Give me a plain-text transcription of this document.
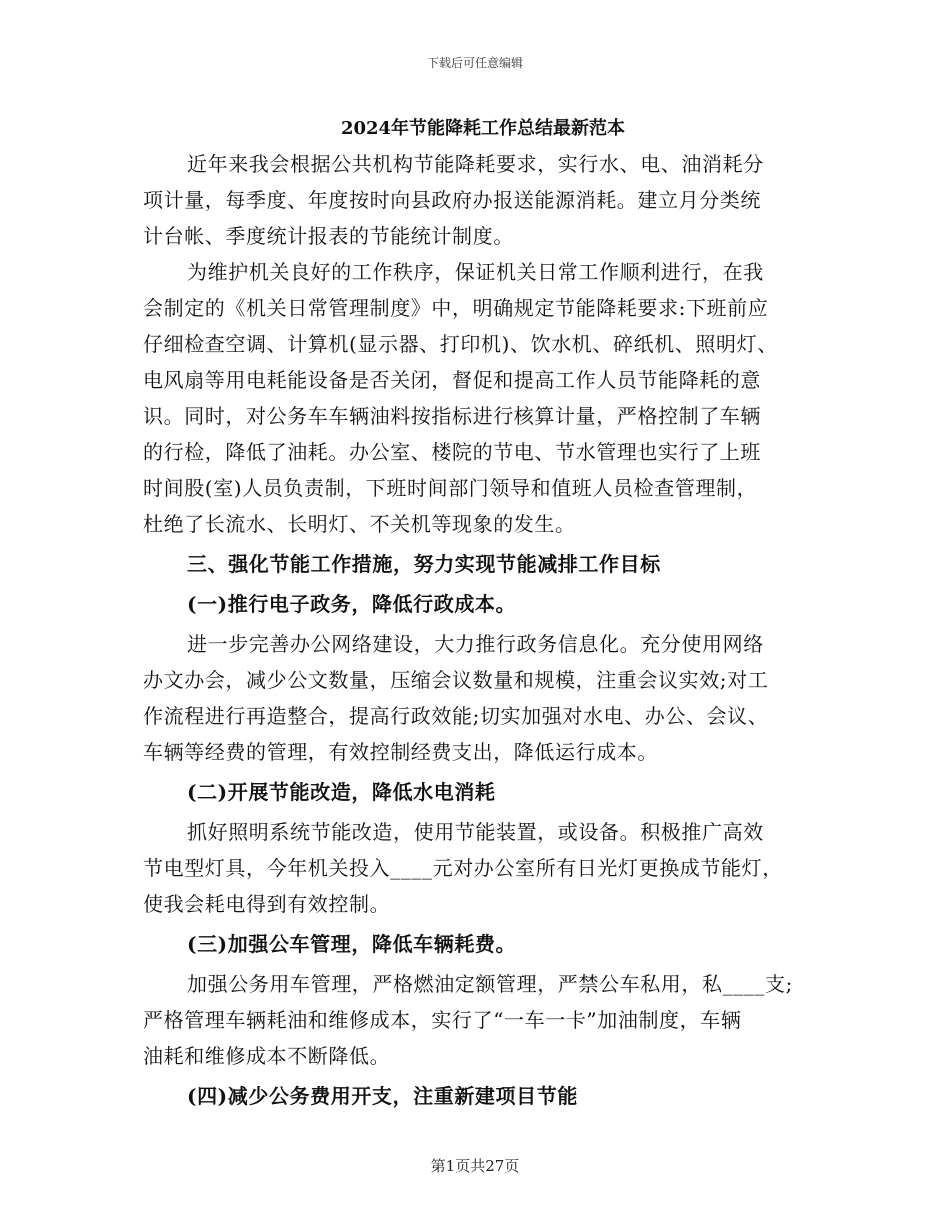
下载后可任意编辑
2024年节能降耗工作总结最新范本

近年来我会根据公共机构节能降耗要求，实行水、电、油消耗分
项计量，每季度、年度按时向县政府办报送能源消耗。建立月分类统
计台帐、季度统计报表的节能统计制度。

为维护机关良好的工作秩序，保证机关日常工作顺利进行，在我
会制定的《机关日常管理制度》中，明确规定节能降耗要求:下班前应
仔细检查空调、计算机(显示器、打印机)、饮水机、碎纸机、照明灯、
电风扇等用电耗能设备是否关闭，督促和提高工作人员节能降耗的意
识。同时，对公务车车辆油料按指标进行核算计量，严格控制了车辆
的行检，降低了油耗。办公室、楼院的节电、节水管理也实行了上班
时间股(室)人员负责制，下班时间部门领导和值班人员检查管理制，
杜绝了长流水、长明灯、不关机等现象的发生。

三、强化节能工作措施，努力实现节能减排工作目标
(一)推行电子政务，降低行政成本。

进一步完善办公网络建设，大力推行政务信息化。充分使用网络
办文办会，减少公文数量，压缩会议数量和规模，注重会议实效;对工
作流程进行再造整合，提高行政效能;切实加强对水电、办公、会议、
车辆等经费的管理，有效控制经费支出，降低运行成本。

(二)开展节能改造，降低水电消耗

抓好照明系统节能改造，使用节能装置，或设备。积极推广高效
节电型灯具，今年机关投入____元对办公室所有日光灯更换成节能灯，
使我会耗电得到有效控制。

(三)加强公车管理，降低车辆耗费。

加强公务用车管理，严格燃油定额管理，严禁公车私用，私____支;
严格管理车辆耗油和维修成本，实行了“一车一卡”加油制度，车辆
油耗和维修成本不断降低。

(四)减少公务费用开支，注重新建项目节能
第1页共27页
